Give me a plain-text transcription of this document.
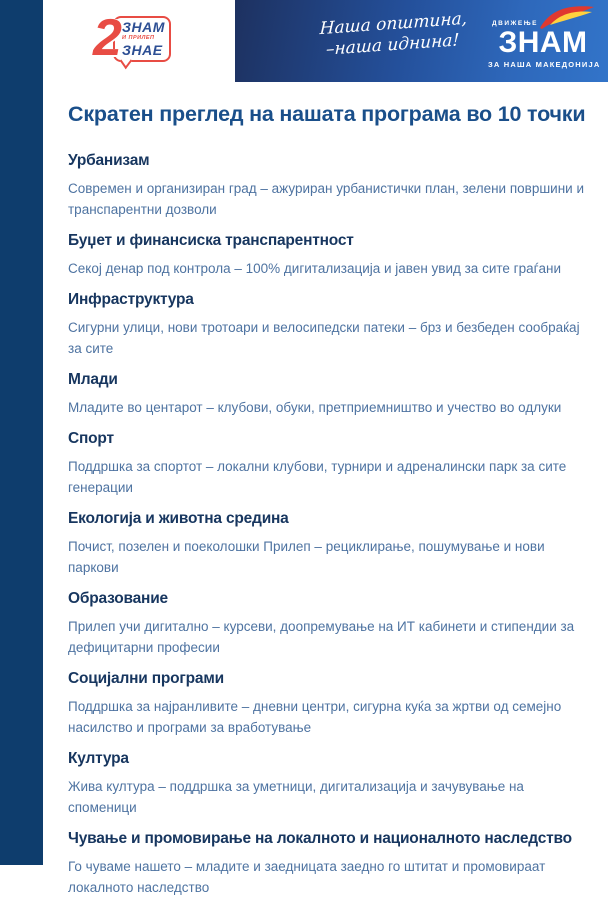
2 ЗНАМ
И ПРИЛЕП
ЗНАЕ
Наша општина,
–наша иднина!
ДВИЖЕЊЕ
ЗНАМ
ЗА НАША МАКЕДОНИЈА
Скратен преглед на нашата програма во 10 точки
Урбанизам

Современ и организиран град – ажуриран урбанистички план, зелени површини и транспарентни дозволи

Буџет и финансиска транспарентност

Секој денар под контрола – 100% дигитализација и јавен увид за сите граѓани

Инфраструктура

Сигурни улици, нови тротоари и велосипедски патеки – брз и безбеден сообраќај за сите

Млади

Младите во центарот – клубови, обуки, претприемништво и учество во одлуки

Спорт

Поддршка за спортот – локални клубови, турнири и адреналински парк за сите генерации

Екологија и животна средина

Почист, позелен и поеколошки Прилеп – рециклирање, пошумување и нови паркови

Образование

Прилеп учи дигитално – курсеви, доопремување на ИТ кабинети и стипендии за дефицитарни професии

Социјални програми

Поддршка за најранливите – дневни центри, сигурна куќа за жртви од семејно насилство и програми за вработување

Култура

Жива култура – поддршка за уметници, дигитализација и зачувување на споменици

Чување и промовирање на локалното и националното наследство

Го чуваме нашето – младите и заедницата заедно го штитат и промовираат локалното наследство
